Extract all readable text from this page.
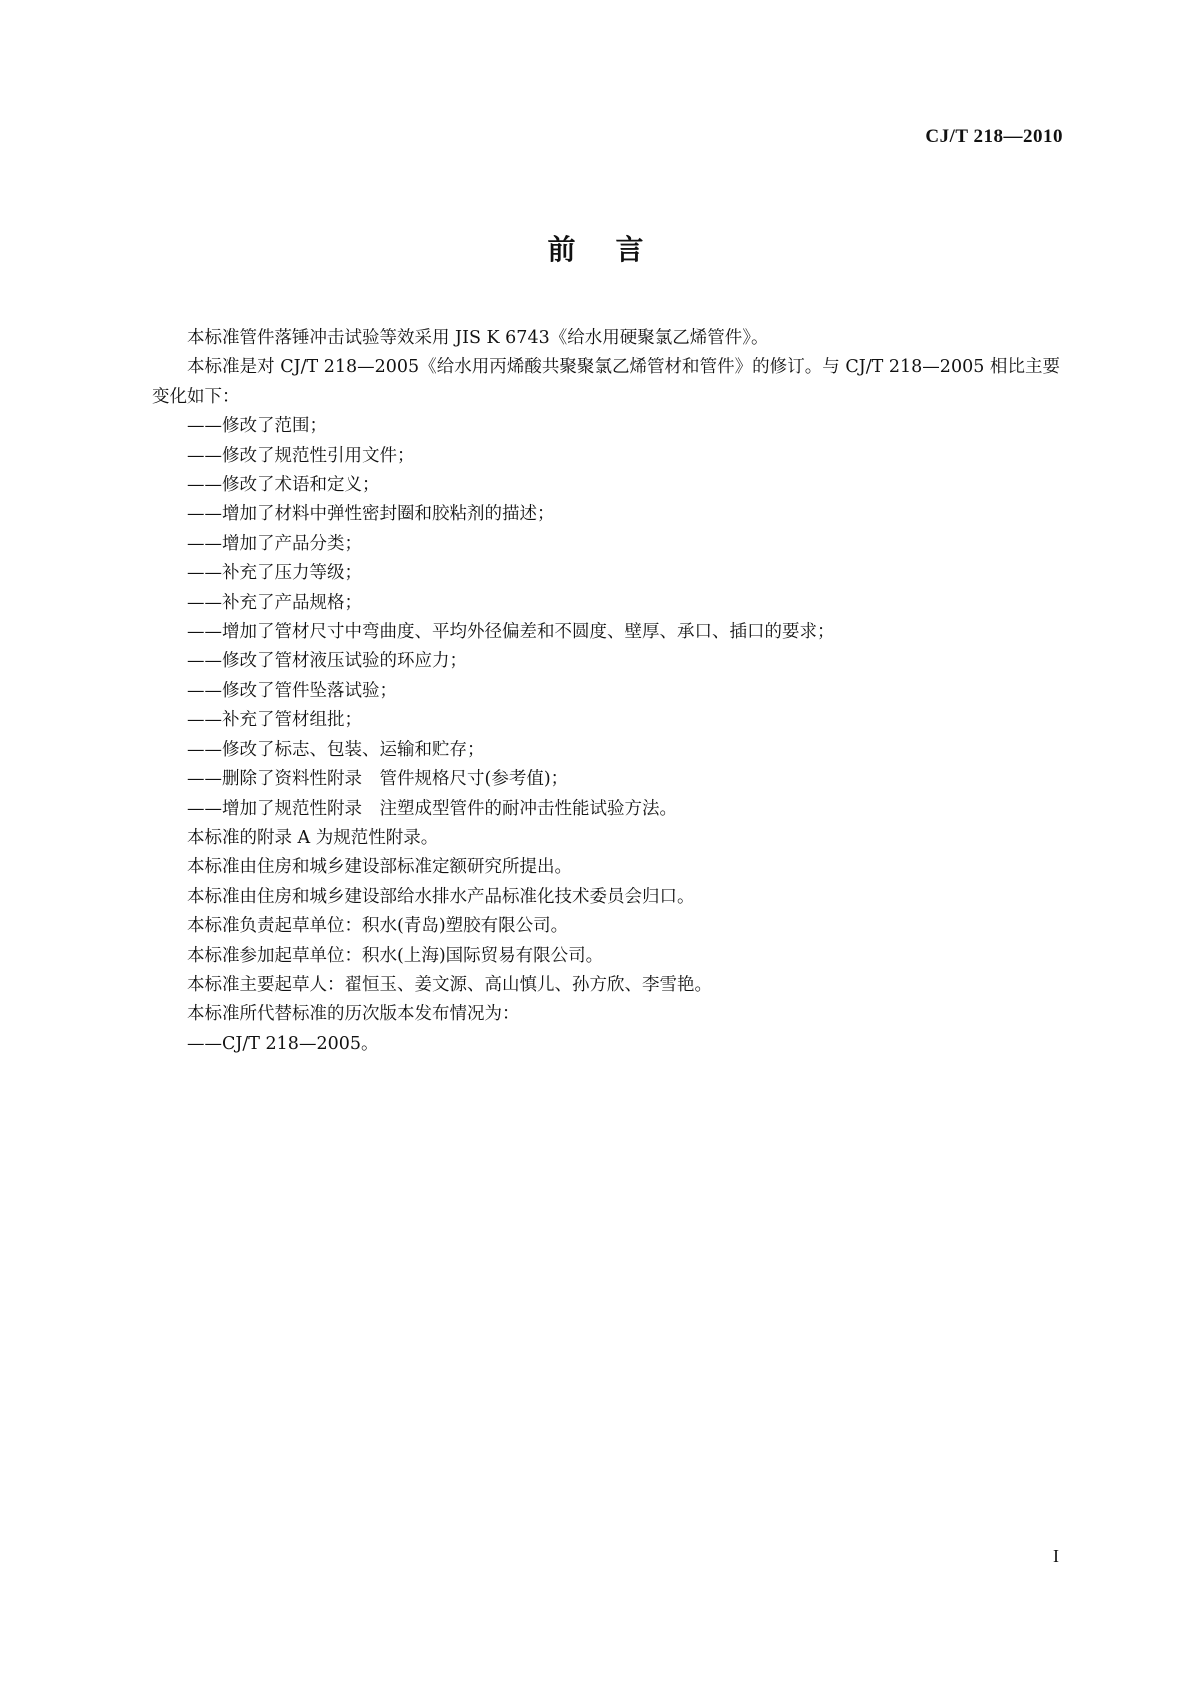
CJ/T 218—2010
前言

本标准管件落锤冲击试验等效采用 JIS K 6743《给水用硬聚氯乙烯管件》。

本标准是对 CJ/T 218—2005《给水用丙烯酸共聚聚氯乙烯管材和管件》的修订。与 CJ/T 218—2005 相比主要变化如下：

——修改了范围；

——修改了规范性引用文件；

——修改了术语和定义；

——增加了材料中弹性密封圈和胶粘剂的描述；

——增加了产品分类；

——补充了压力等级；

——补充了产品规格；

——增加了管材尺寸中弯曲度、平均外径偏差和不圆度、壁厚、承口、插口的要求；

——修改了管材液压试验的环应力；

——修改了管件坠落试验；

——补充了管材组批；

——修改了标志、包装、运输和贮存；

——删除了资料性附录　管件规格尺寸(参考值)；

——增加了规范性附录　注塑成型管件的耐冲击性能试验方法。

本标准的附录 A 为规范性附录。

本标准由住房和城乡建设部标准定额研究所提出。

本标准由住房和城乡建设部给水排水产品标准化技术委员会归口。

本标准负责起草单位：积水(青岛)塑胶有限公司。

本标准参加起草单位：积水(上海)国际贸易有限公司。

本标准主要起草人：翟恒玉、姜文源、高山慎儿、孙方欣、李雪艳。

本标准所代替标准的历次版本发布情况为：

——CJ/T 218—2005。

I
